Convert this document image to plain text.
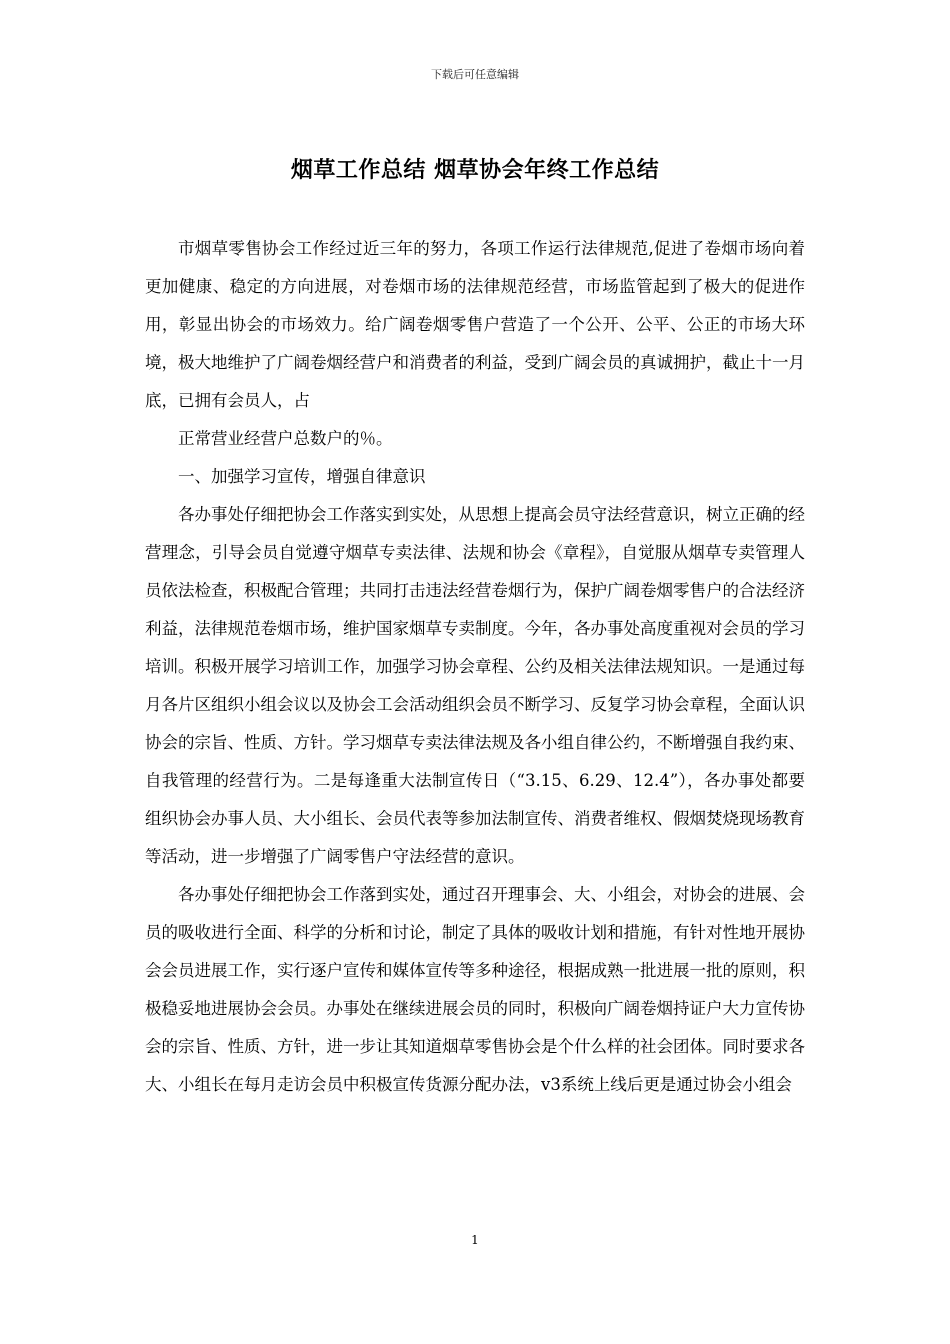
下载后可任意编辑
烟草工作总结 烟草协会年终工作总结

市烟草零售协会工作经过近三年的努力，各项工作运行法律规范,促进了卷烟市场向着更加健康、稳定的方向进展，对卷烟市场的法律规范经营，市场监管起到了极大的促进作用，彰显出协会的市场效力。给广阔卷烟零售户营造了一个公开、公平、公正的市场大环境，极大地维护了广阔卷烟经营户和消费者的利益，受到广阔会员的真诚拥护，截止十一月底，已拥有会员人，占

正常营业经营户总数户的％。

一、加强学习宣传，增强自律意识

各办事处仔细把协会工作落实到实处，从思想上提高会员守法经营意识，树立正确的经营理念，引导会员自觉遵守烟草专卖法律、法规和协会《章程》，自觉服从烟草专卖管理人员依法检查，积极配合管理；共同打击违法经营卷烟行为，保护广阔卷烟零售户的合法经济利益，法律规范卷烟市场，维护国家烟草专卖制度。今年，各办事处高度重视对会员的学习培训。积极开展学习培训工作，加强学习协会章程、公约及相关法律法规知识。一是通过每月各片区组织小组会议以及协会工会活动组织会员不断学习、反复学习协会章程，全面认识协会的宗旨、性质、方针。学习烟草专卖法律法规及各小组自律公约，不断增强自我约束、自我管理的经营行为。二是每逢重大法制宣传日（“3.15、6.29、12.4”），各办事处都要组织协会办事人员、大小组长、会员代表等参加法制宣传、消费者维权、假烟焚烧现场教育等活动，进一步增强了广阔零售户守法经营的意识。

各办事处仔细把协会工作落到实处，通过召开理事会、大、小组会，对协会的进展、会员的吸收进行全面、科学的分析和讨论，制定了具体的吸收计划和措施，有针对性地开展协会会员进展工作，实行逐户宣传和媒体宣传等多种途径，根据成熟一批进展一批的原则，积极稳妥地进展协会会员。办事处在继续进展会员的同时，积极向广阔卷烟持证户大力宣传协会的宗旨、性质、方针，进一步让其知道烟草零售协会是个什么样的社会团体。同时要求各大、小组长在每月走访会员中积极宣传货源分配办法，v3系统上线后更是通过协会小组会

1
